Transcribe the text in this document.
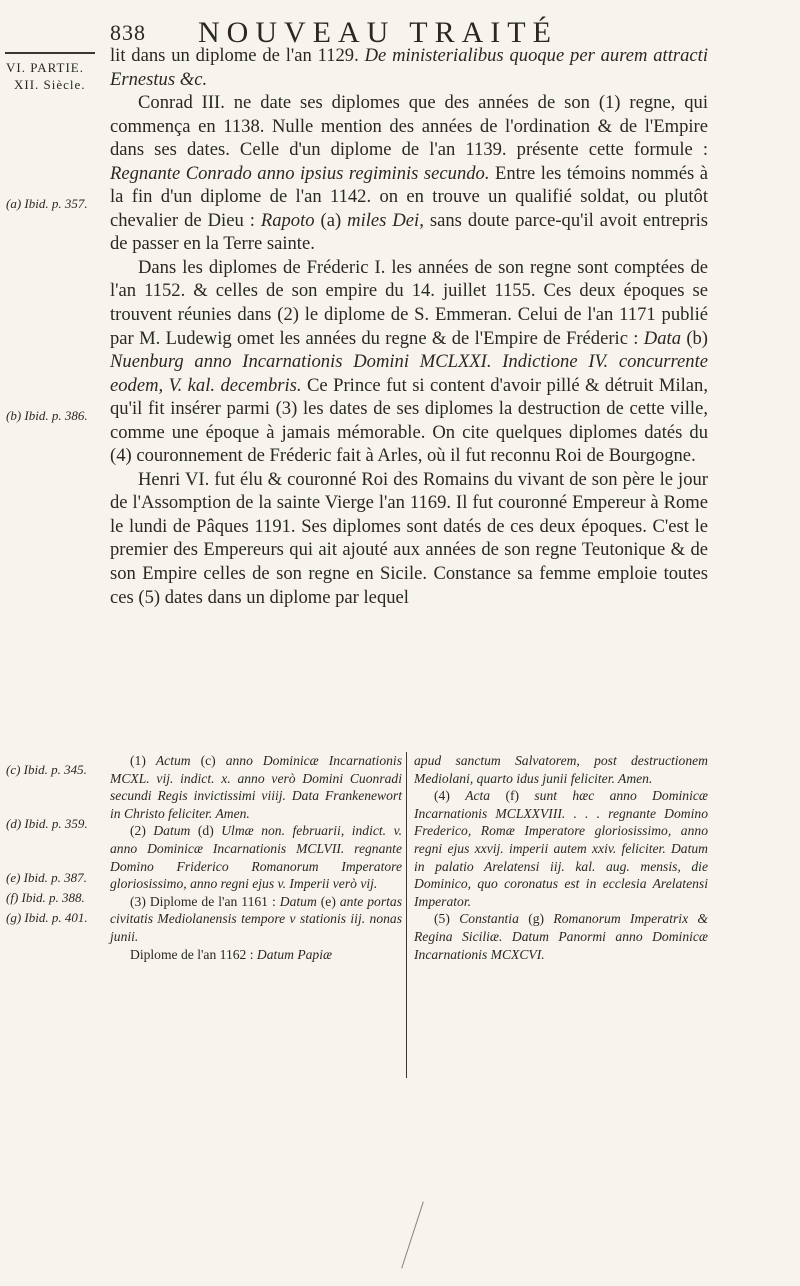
838 NOUVEAU TRAITÉ
VI. PARTIE.
XII. Siècle.
(a) Ibid. p. 357.
(b) Ibid. p. 386.

lit dans un diplome de l'an 1129. De ministerialibus quoque per aurem attracti Ernestus &c.

Conrad III. ne date ses diplomes que des années de son (1) regne, qui commença en 1138. Nulle mention des années de l'ordination & de l'Empire dans ses dates. Celle d'un diplome de l'an 1139. présente cette formule : Regnante Conrado anno ipsius regiminis secundo. Entre les témoins nommés à la fin d'un diplome de l'an 1142. on en trouve un qualifié soldat, ou plutôt chevalier de Dieu : Rapoto (a) miles Dei, sans doute parce-qu'il avoit entrepris de passer en la Terre sainte.

Dans les diplomes de Fréderic I. les années de son regne sont comptées de l'an 1152. & celles de son empire du 14. juillet 1155. Ces deux époques se trouvent réunies dans (2) le diplome de S. Emmeran. Celui de l'an 1171 publié par M. Ludewig omet les années du regne & de l'Empire de Fréderic : Data (b) Nuenburg anno Incarnationis Domini MCLXXI. Indictione IV. concurrente eodem, V. kal. decembris. Ce Prince fut si content d'avoir pillé & détruit Milan, qu'il fit insérer parmi (3) les dates de ses diplomes la destruction de cette ville, comme une époque à jamais mémorable. On cite quelques diplomes datés du (4) couronnement de Fréderic fait à Arles, où il fut reconnu Roi de Bourgogne.

Henri VI. fut élu & couronné Roi des Romains du vivant de son père le jour de l'Assomption de la sainte Vierge l'an 1169. Il fut couronné Empereur à Rome le lundi de Pâques 1191. Ses diplomes sont datés de ces deux époques. C'est le premier des Empereurs qui ait ajouté aux années de son regne Teutonique & de son Empire celles de son regne en Sicile. Constance sa femme emploie toutes ces (5) dates dans un diplome par lequel

(c) Ibid. p. 345.
(d) Ibid. p. 359.
(e) Ibid. p. 387.
(f) Ibid. p. 388.
(g) Ibid. p. 401.

(1) Actum (c) anno Dominicæ Incarnationis MCXL. vij. indict. x. anno verò Domini Cuonradi secundi Regis invictissimi viiij. Data Frankenewort in Christo feliciter. Amen.

(2) Datum (d) Ulmæ non. februarii, indict. v. anno Dominicæ Incarnationis MCLVII. regnante Domino Friderico Romanorum Imperatore gloriosissimo, anno regni ejus v. Imperii verò vij.

(3) Diplome de l'an 1161 : Datum (e) ante portas civitatis Mediolanensis tempore v stationis iij. nonas junii.

Diplome de l'an 1162 : Datum Papiæ

apud sanctum Salvatorem, post destructionem Mediolani, quarto idus junii feliciter. Amen.

(4) Acta (f) sunt hæc anno Dominicæ Incarnationis MCLXXVIII. . . . regnante Domino Frederico, Romæ Imperatore gloriosissimo, anno regni ejus xxvij. imperii autem xxiv. feliciter. Datum in palatio Arelatensi iij. kal. aug. mensis, die Dominico, quo coronatus est in ecclesia Arelatensi Imperator.

(5) Constantia (g) Romanorum Imperatrix & Regina Siciliæ. Datum Panormi anno Dominicæ Incarnationis MCXCVI.
